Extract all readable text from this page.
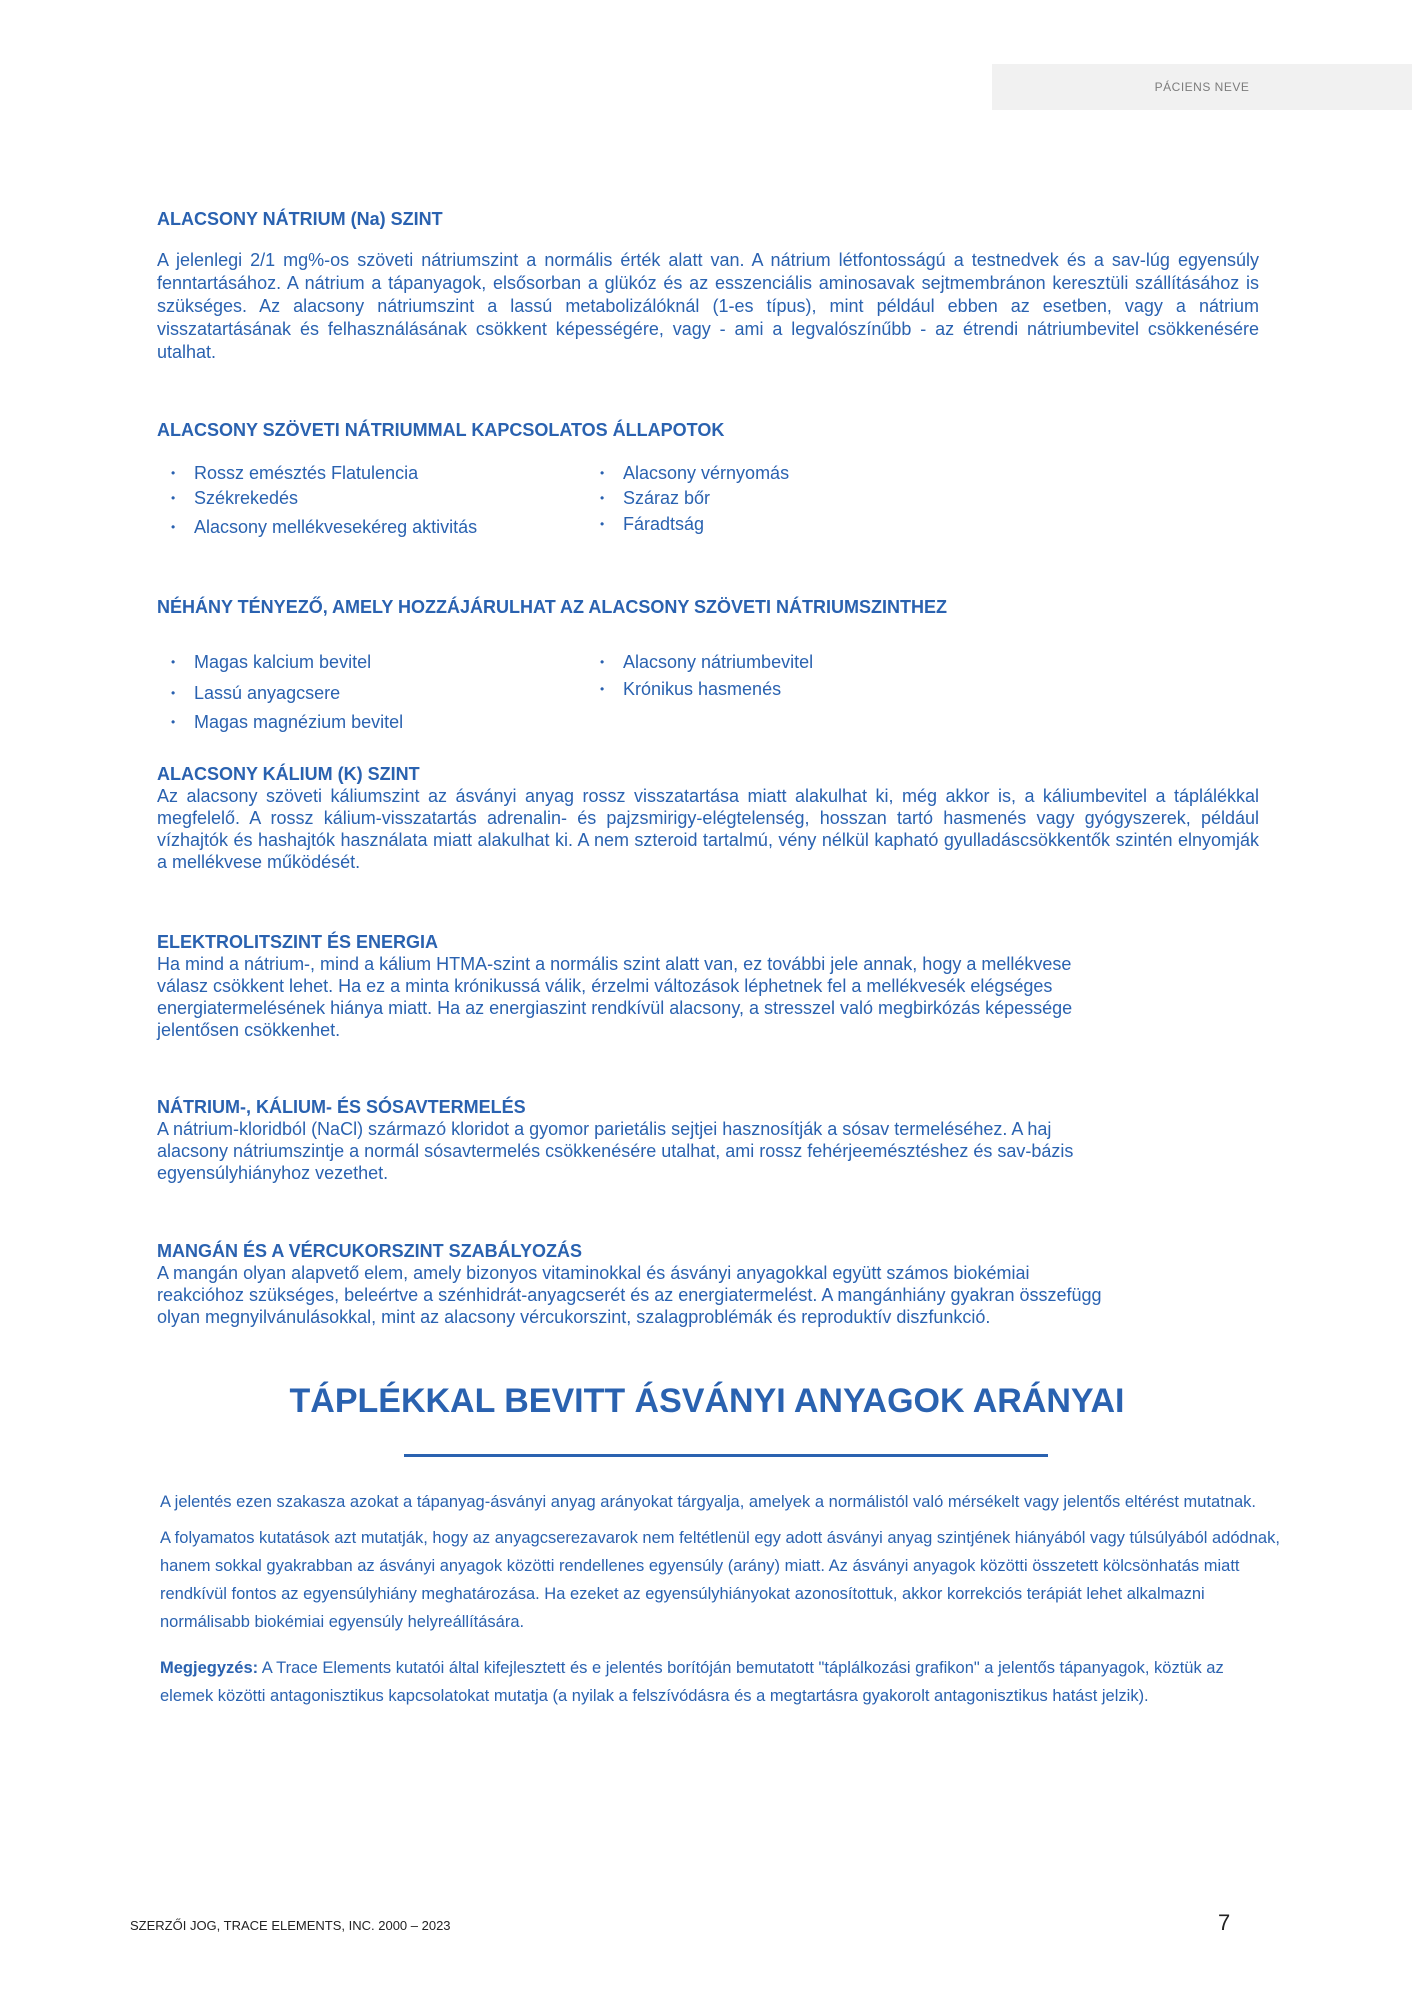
PÁCIENS NEVE
ALACSONY NÁTRIUM (Na) SZINT

A jelenlegi 2/1 mg%-os szöveti nátriumszint a normális érték alatt van. A nátrium létfontosságú a testnedvek és a sav-lúg egyensúly fenntartásához. A nátrium a tápanyagok, elsősorban a glükóz és az esszenciális aminosavak sejtmembránon keresztüli szállításához is szükséges. Az alacsony nátriumszint a lassú metabolizálóknál (1-es típus), mint például ebben az esetben, vagy a nátrium visszatartásának és felhasználásának csökkent képességére, vagy - ami a legvalószínűbb - az étrendi nátriumbevitel csökkenésére utalhat.

ALACSONY SZÖVETI NÁTRIUMMAL KAPCSOLATOS ÁLLAPOTOK
• Rossz emésztés Flatulencia
• Székrekedés
• Alacsony mellékvesekéreg aktivitás
• Alacsony vérnyomás
• Száraz bőr
• Fáradtság
NÉHÁNY TÉNYEZŐ, AMELY HOZZÁJÁRULHAT AZ ALACSONY SZÖVETI NÁTRIUMSZINTHEZ
• Magas kalcium bevitel
• Lassú anyagcsere
• Magas magnézium bevitel
• Alacsony nátriumbevitel
• Krónikus hasmenés
ALACSONY KÁLIUM (K) SZINT

Az alacsony szöveti káliumszint az ásványi anyag rossz visszatartása miatt alakulhat ki, még akkor is, a káliumbevitel a táplálékkal megfelelő. A rossz kálium-visszatartás adrenalin- és pajzsmirigy-elégtelenség, hosszan tartó hasmenés vagy gyógyszerek, például vízhajtók és hashajtók használata miatt alakulhat ki. A nem szteroid tartalmú, vény nélkül kapható gyulladáscsökkentők szintén elnyomják a mellékvese működését.

ELEKTROLITSZINT ÉS ENERGIA
Ha mind a nátrium-, mind a kálium HTMA-szint a normális szint alatt van, ez további jele annak, hogy a mellékvese
válasz csökkent lehet. Ha ez a minta krónikussá válik, érzelmi változások léphetnek fel a mellékvesék elégséges
energiatermelésének hiánya miatt. Ha az energiaszint rendkívül alacsony, a stresszel való megbirkózás képessége
jelentősen csökkenhet.
NÁTRIUM-, KÁLIUM- ÉS SÓSAVTERMELÉS
A nátrium-kloridból (NaCl) származó kloridot a gyomor parietális sejtjei hasznosítják a sósav termeléséhez. A haj
alacsony nátriumszintje a normál sósavtermelés csökkenésére utalhat, ami rossz fehérjeemésztéshez és sav-bázis
egyensúlyhiányhoz vezethet.
MANGÁN ÉS A VÉRCUKORSZINT SZABÁLYOZÁS
A mangán olyan alapvető elem, amely bizonyos vitaminokkal és ásványi anyagokkal együtt számos biokémiai
reakcióhoz szükséges, beleértve a szénhidrát-anyagcserét és az energiatermelést. A mangánhiány gyakran összefügg
olyan megnyilvánulásokkal, mint az alacsony vércukorszint, szalagproblémák és reproduktív diszfunkció.
TÁPLÉKKAL BEVITT ÁSVÁNYI ANYAGOK ARÁNYAI

A jelentés ezen szakasza azokat a tápanyag-ásványi anyag arányokat tárgyalja, amelyek a normálistól való mérsékelt vagy jelentős eltérést mutatnak.

A folyamatos kutatások azt mutatják, hogy az anyagcserezavarok nem feltétlenül egy adott ásványi anyag szintjének hiányából vagy túlsúlyából adódnak, hanem sokkal gyakrabban az ásványi anyagok közötti rendellenes egyensúly (arány) miatt. Az ásványi anyagok közötti összetett kölcsönhatás miatt rendkívül fontos az egyensúlyhiány meghatározása. Ha ezeket az egyensúlyhiányokat azonosítottuk, akkor korrekciós terápiát lehet alkalmazni normálisabb biokémiai egyensúly helyreállítására.

Megjegyzés: A Trace Elements kutatói által kifejlesztett és e jelentés borítóján bemutatott "táplálkozási grafikon" a jelentős tápanyagok, köztük az elemek közötti antagonisztikus kapcsolatokat mutatja (a nyilak a felszívódásra és a megtartásra gyakorolt antagonisztikus hatást jelzik).

SZERZŐI JOG, TRACE ELEMENTS, INC. 2000 – 2023	7
